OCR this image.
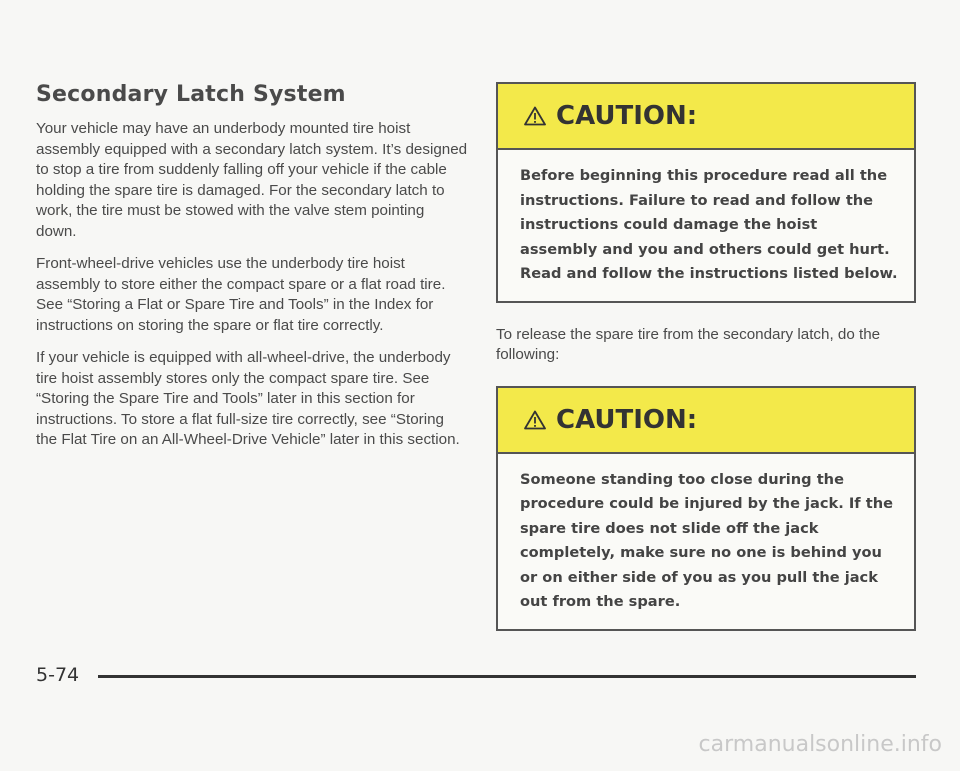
Secondary Latch System

Your vehicle may have an underbody mounted tire hoist assembly equipped with a secondary latch system. It’s designed to stop a tire from suddenly falling off your vehicle if the cable holding the spare tire is damaged. For the secondary latch to work, the tire must be stowed with the valve stem pointing down.

Front-wheel-drive vehicles use the underbody tire hoist assembly to store either the compact spare or a flat road tire. See “Storing a Flat or Spare Tire and Tools” in the Index for instructions on storing the spare or flat tire correctly.

If your vehicle is equipped with all-wheel-drive, the underbody tire hoist assembly stores only the compact spare tire. See “Storing the Spare Tire and Tools” later in this section for instructions. To store a flat full-size tire correctly, see “Storing the Flat Tire on an All-Wheel-Drive Vehicle” later in this section.

CAUTION:
Before beginning this procedure read all the instructions. Failure to read and follow the instructions could damage the hoist assembly and you and others could get hurt. Read and follow the instructions listed below.

To release the spare tire from the secondary latch, do the following:

CAUTION:
Someone standing too close during the procedure could be injured by the jack. If the spare tire does not slide off the jack completely, make sure no one is behind you or on either side of you as you pull the jack out from the spare.
5-74
carmanualsonline.info
